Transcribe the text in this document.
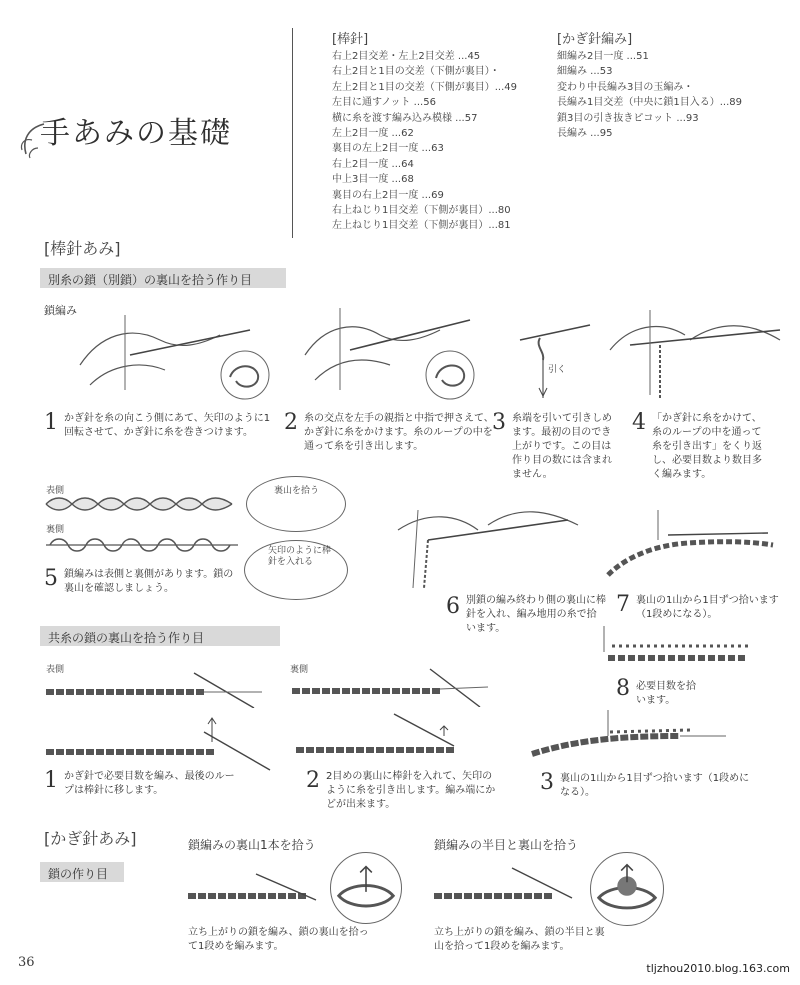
手あみの基礎
[棒針]
右上2目交差・左上2目交差 ...45
右上2目と1目の交差（下側が裏目）・
左上2目と1目の交差（下側が裏目）...49
左目に通すノット ...56
横に糸を渡す編み込み模様 ...57
左上2目一度 ...62
裏目の左上2目一度 ...63
右上2目一度 ...64
中上3目一度 ...68
裏目の右上2目一度 ...69
右上ねじり1目交差（下側が裏目）...80
左上ねじり1目交差（下側が裏目）...81
[かぎ針編み]
細編み2目一度 ...51
細編み ...53
変わり中長編み3目の玉編み・
長編み1目交差（中央に鎖1目入る）...89
鎖3目の引き抜きピコット ...93
長編み ...95
[棒針あみ]
別糸の鎖（別鎖）の裏山を拾う作り目
鎖編み
引く
1 かぎ針を糸の向こう側にあて、矢印のように1回転させて、かぎ針に糸を巻きつけます。	2 糸の交点を左手の親指と中指で押さえて、かぎ針に糸をかけます。糸のループの中を通って糸を引き出します。
3 糸端を引いて引きしめます。最初の目のでき上がりです。この目は作り目の数には含まれません。
4 「かぎ針に糸をかけて、糸のループの中を通って糸を引き出す」をくり返し、必要目数より数目多く編みます。
表側
裏側
裏山を拾う
矢印のように棒針を入れる
5 鎖編みは表側と裏側があります。鎖の裏山を確認しましょう。
6 別鎖の編み終わり側の裏山に棒針を入れ、編み地用の糸で拾います。
7 裏山の1山から1目ずつ拾います（1段めになる）。
8 必要目数を拾います。
共糸の鎖の裏山を拾う作り目
表側	裏側
1 かぎ針で必要目数を編み、最後のループは棒針に移します。	2 2目めの裏山に棒針を入れて、矢印のように糸を引き出します。編み端にかどが出来ます。
3 裏山の1山から1目ずつ拾います（1段めになる）。
[かぎ針あみ]
鎖の作り目
鎖編みの裏山1本を拾う
立ち上がりの鎖を編み、鎖の裏山を拾って1段めを編みます。
鎖編みの半目と裏山を拾う
立ち上がりの鎖を編み、鎖の半目と裏山を拾って1段めを編みます。
36	tljzhou2010.blog.163.com
